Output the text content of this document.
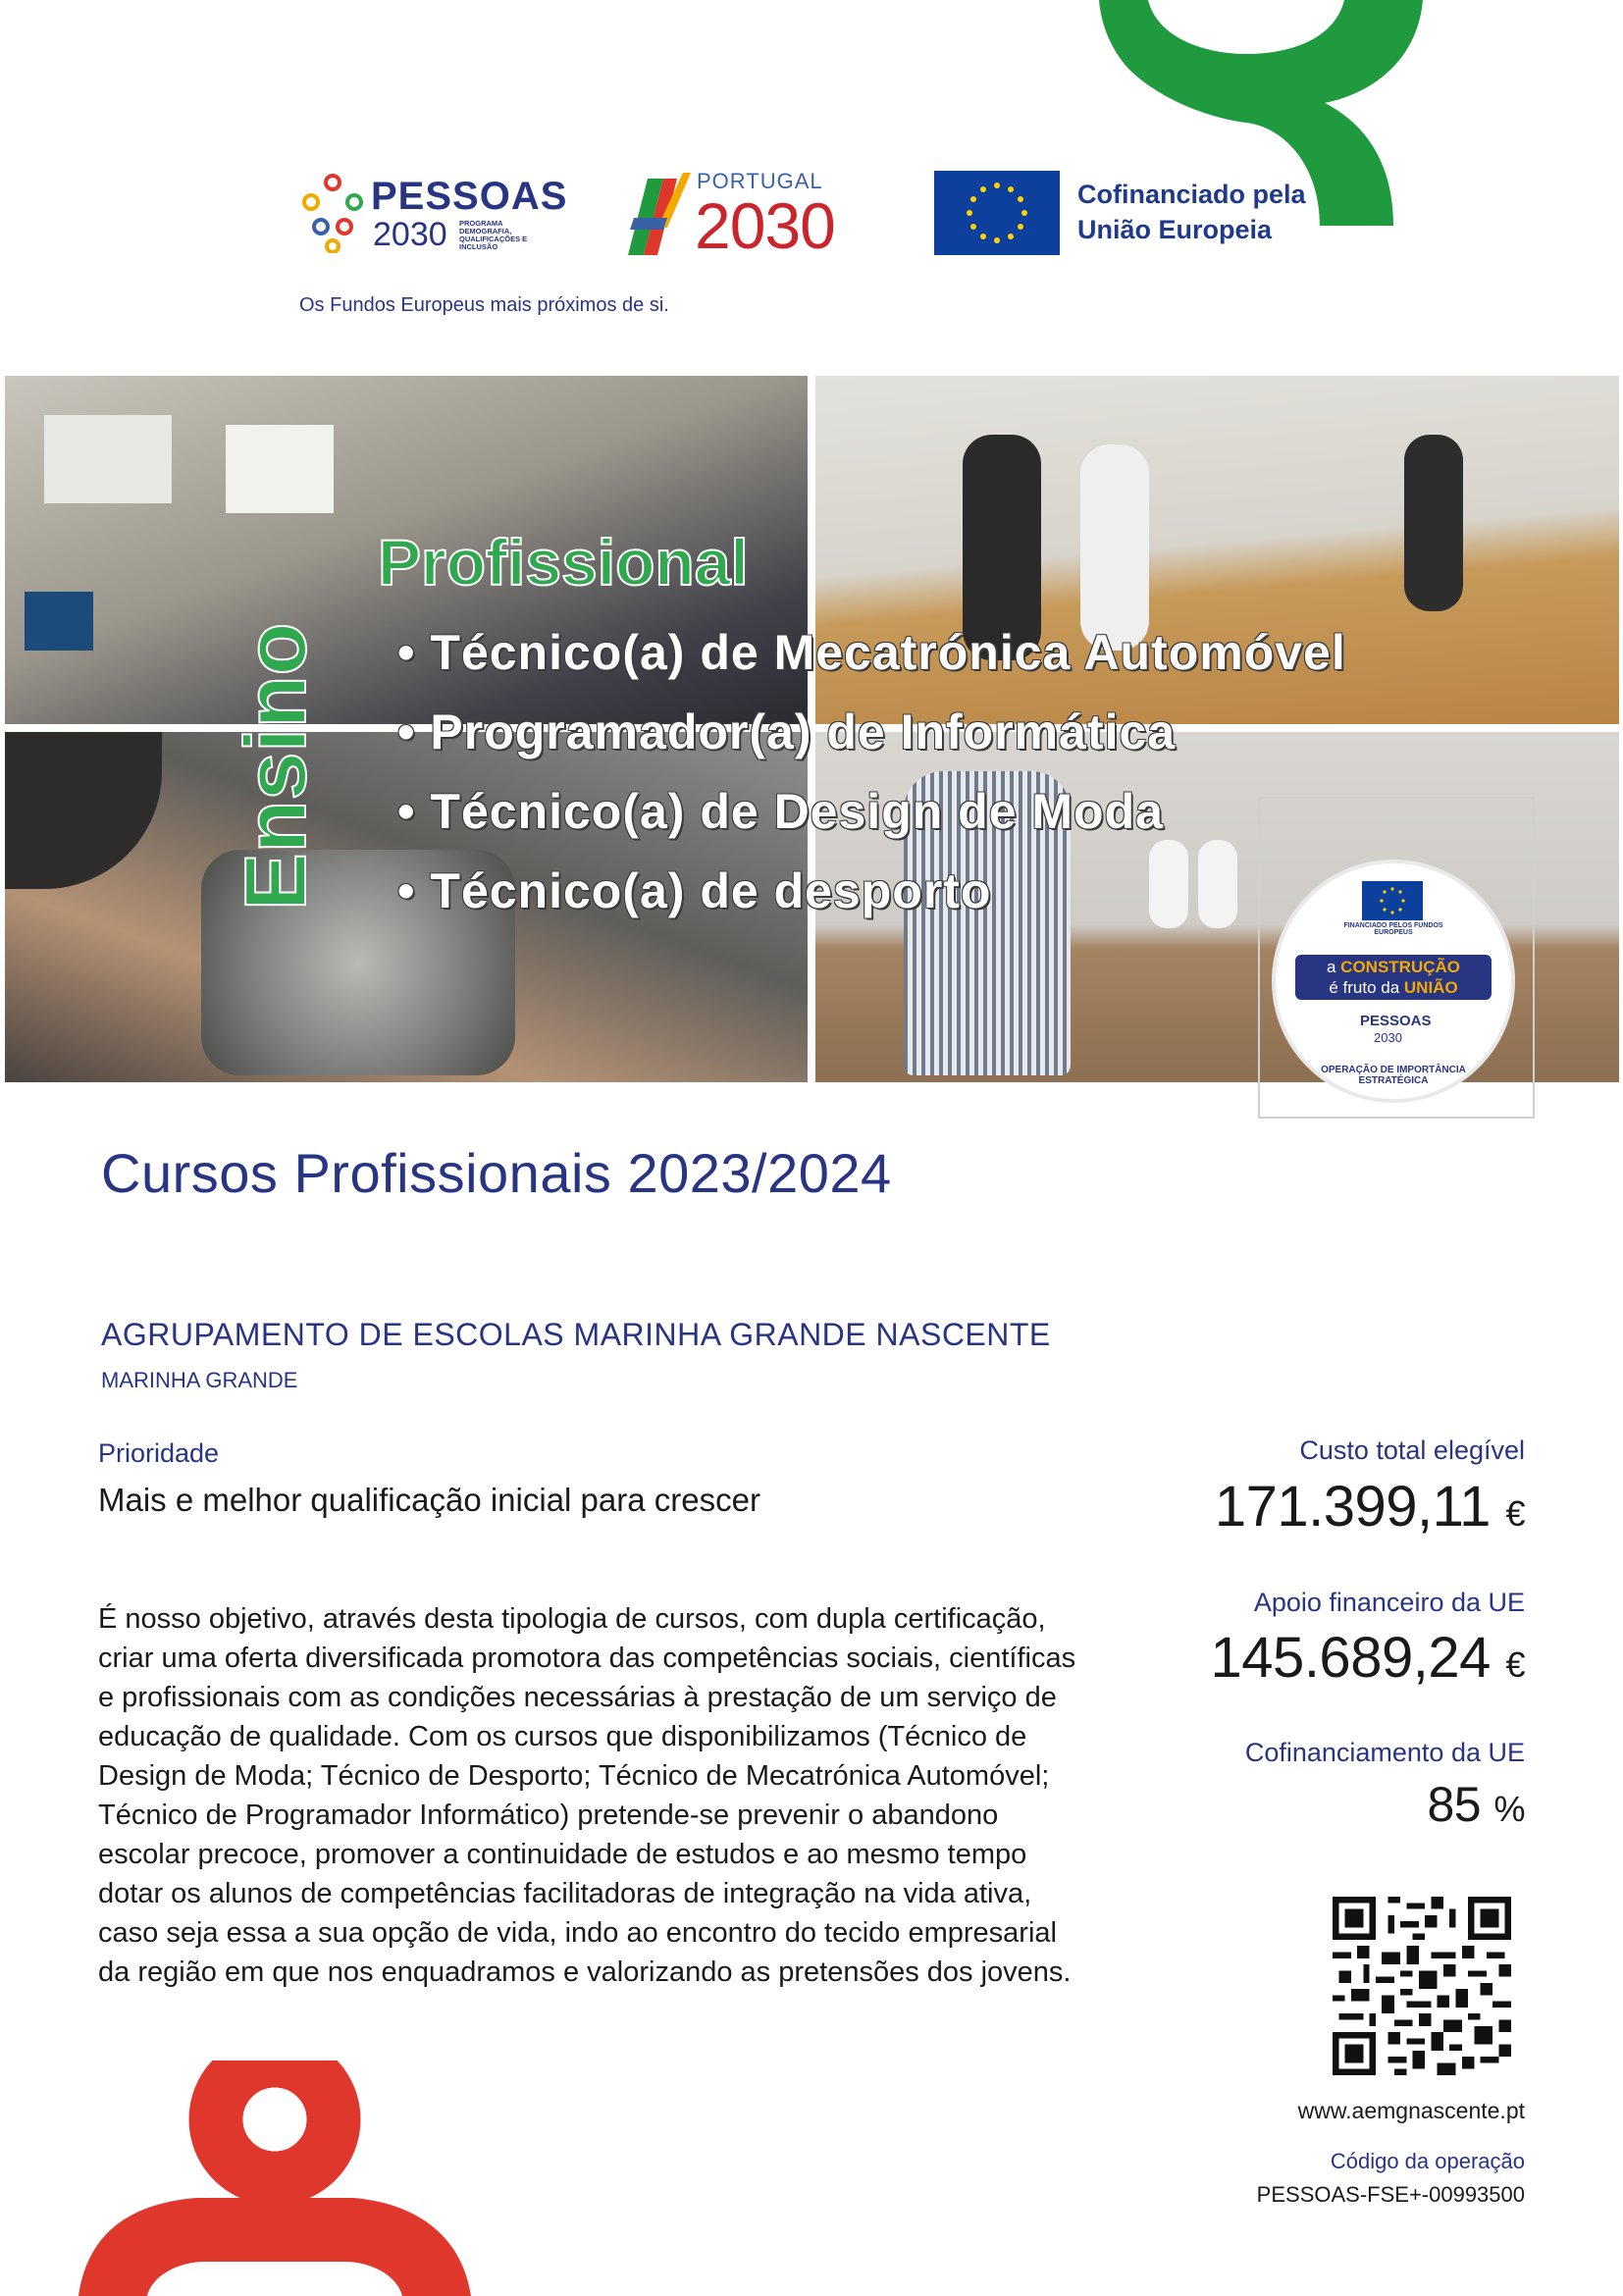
PESSOAS
2030 PROGRAMA DEMOGRAFIA, QUALIFICAÇÕES E INCLUSÃO
Os Fundos Europeus mais próximos de si.
PORTUGAL
2030	Cofinanciado pela
União Europeia
Ensino
Profissional
• Técnico(a) de Mecatrónica Automóvel
• Programador(a) de Informática
• Técnico(a) de Design de Moda
• Técnico(a) de desporto
FINANCIADO PELOS FUNDOS EUROPEUS
a CONSTRUÇÃO
é fruto da UNIÃO
PESSOAS
2030
OPERAÇÃO DE IMPORTÂNCIA ESTRATÉGICA
Cursos Profissionais 2023/2024
AGRUPAMENTO DE ESCOLAS MARINHA GRANDE NASCENTE
MARINHA GRANDE
Prioridade
Mais e melhor qualificação inicial para crescer
É nosso objetivo, através desta tipologia de cursos, com dupla certificação, criar uma oferta diversificada promotora das competências sociais, científicas e profissionais com as condições necessárias à prestação de um serviço de educação de qualidade. Com os cursos que disponibilizamos (Técnico de Design de Moda; Técnico de Desporto; Técnico de Mecatrónica Automóvel; Técnico de Programador Informático) pretende-se prevenir o abandono escolar precoce, promover a continuidade de estudos e ao mesmo tempo dotar os alunos de competências facilitadoras de integração na vida ativa, caso seja essa a sua opção de vida, indo ao encontro do tecido empresarial da região em que nos enquadramos e valorizando as pretensões dos jovens.
Custo total elegível
171.399,11 €
Apoio financeiro da UE
145.689,24 €
Cofinanciamento da UE
85 %
www.aemgnascente.pt
Código da operação
PESSOAS-FSE+-00993500
